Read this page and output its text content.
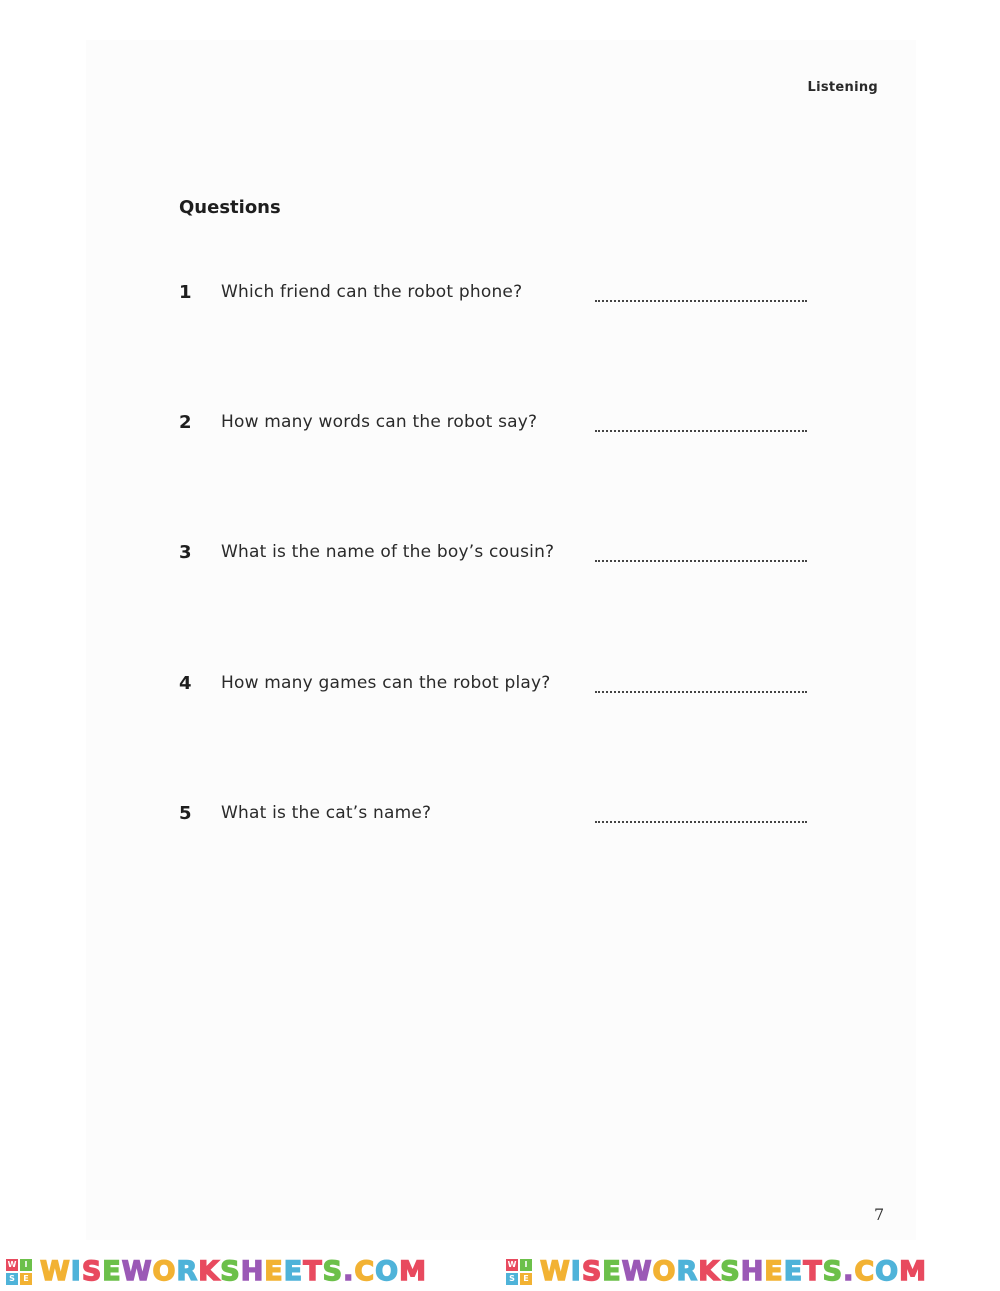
Listening
Questions
1 Which friend can the robot phone?
2 How many words can the robot say?
3 What is the name of the boy’s cousin?
4 How many games can the robot play?
5 What is the cat’s name?
7
W	I
S	E WISEWORKSHEETS.COM	W	I
S	E WISEWORKSHEETS.COM
